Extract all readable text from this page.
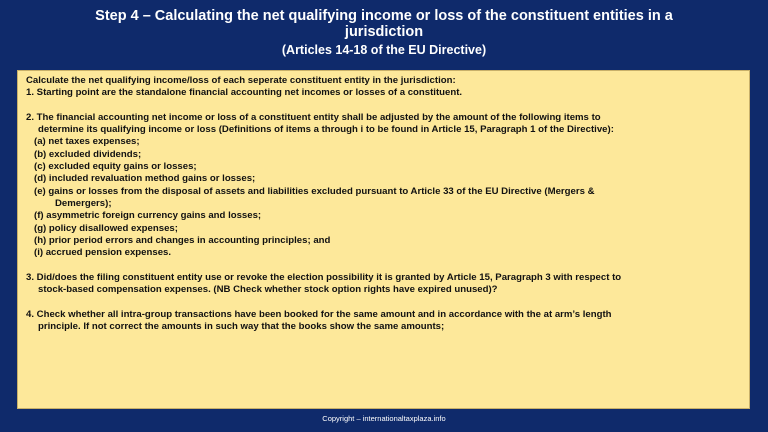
Step 4 – Calculating the net qualifying income or loss of the constituent entities in a
jurisdiction
(Articles 14-18 of the EU Directive)
Calculate the net qualifying income/loss of each seperate constituent entity in the jurisdiction:
1. Starting point are the standalone financial accounting net incomes or losses of a constituent.
2. The financial accounting net income or loss of a constituent entity shall be adjusted by the amount of the following items to
determine its qualifying income or loss (Definitions of items a through i to be found in Article 15, Paragraph 1 of the Directive):
(a) net taxes expenses;
(b) excluded dividends;
(c) excluded equity gains or losses;
(d) included revaluation method gains or losses;
(e) gains or losses from the disposal of assets and liabilities excluded pursuant to Article 33 of the EU Directive (Mergers &
Demergers);
(f) asymmetric foreign currency gains and losses;
(g) policy disallowed expenses;
(h) prior period errors and changes in accounting principles; and
(i) accrued pension expenses.
3. Did/does the filing constituent entity use or revoke the election possibility it is granted by Article 15, Paragraph 3 with respect to
stock-based compensation expenses. (NB Check whether stock option rights have expired unused)?
4. Check whether all intra-group transactions have been booked for the same amount and in accordance with the at arm’s length
principle. If not correct the amounts in such way that the books show the same amounts;
Copyright – internationaltaxplaza.info
